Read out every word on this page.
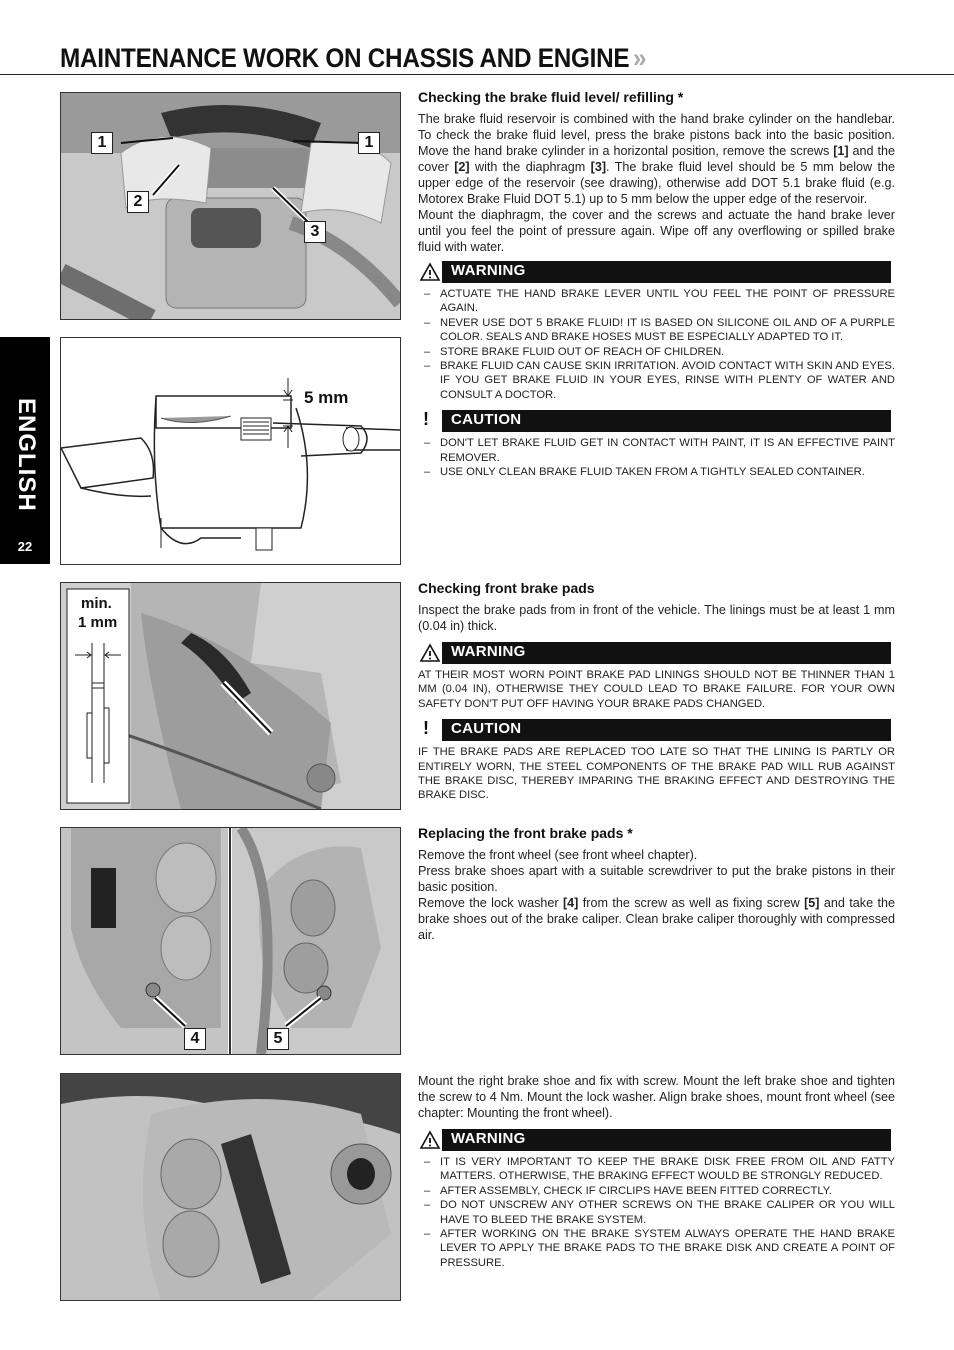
MAINTENANCE WORK ON CHASSIS AND ENGINE »
ENGLISH
22
1	1
2
3
5 mm
min.
1 mm
4	5
Checking the brake fluid level/ refilling *

The brake fluid reservoir is combined with the hand brake cylinder on the handlebar. To check the brake fluid level, press the brake pistons back into the basic position. Move the hand brake cylinder in a horizontal position, remove the screws [1] and the cover [2] with the diaphragm [3]. The brake fluid level should be 5 mm below the upper edge of the reservoir (see drawing), otherwise add DOT 5.1 brake fluid (e.g. Motorex Brake Fluid DOT 5.1) up to 5 mm below the upper edge of the reservoir.

Mount the diaphragm, the cover and the screws and actuate the hand brake lever until you feel the point of pressure again. Wipe off any overflowing or spilled brake fluid with water.

WARNING
– ACTUATE THE HAND BRAKE LEVER UNTIL YOU FEEL THE POINT OF PRESSURE AGAIN.
– NEVER USE DOT 5 BRAKE FLUID! IT IS BASED ON SILICONE OIL AND OF A PURPLE COLOR. SEALS AND BRAKE HOSES MUST BE ESPECIALLY ADAPTED TO IT.
– STORE BRAKE FLUID OUT OF REACH OF CHILDREN.
– BRAKE FLUID CAN CAUSE SKIN IRRITATION. AVOID CONTACT WITH SKIN AND EYES. IF YOU GET BRAKE FLUID IN YOUR EYES, RINSE WITH PLENTY OF WATER AND CONSULT A DOCTOR.
! CAUTION
– DON'T LET BRAKE FLUID GET IN CONTACT WITH PAINT, IT IS AN EFFECTIVE PAINT REMOVER.
– USE ONLY CLEAN BRAKE FLUID TAKEN FROM A TIGHTLY SEALED CONTAINER.
Checking front brake pads

Inspect the brake pads from in front of the vehicle. The linings must be at least 1 mm (0.04 in) thick.

WARNING

AT THEIR MOST WORN POINT BRAKE PAD LININGS SHOULD NOT BE THINNER THAN 1 MM (0.04 IN), OTHERWISE THEY COULD LEAD TO BRAKE FAILURE. FOR YOUR OWN SAFETY DON'T PUT OFF HAVING YOUR BRAKE PADS CHANGED.

! CAUTION

IF THE BRAKE PADS ARE REPLACED TOO LATE SO THAT THE LINING IS PARTLY OR ENTIRELY WORN, THE STEEL COMPONENTS OF THE BRAKE PAD WILL RUB AGAINST THE BRAKE DISC, THEREBY IMPARING THE BRAKING EFFECT AND DESTROYING THE BRAKE DISC.

Replacing the front brake pads *

Remove the front wheel (see front wheel chapter).

Press brake shoes apart with a suitable screwdriver to put the brake pistons in their basic position.

Remove the lock washer [4] from the screw as well as fixing screw [5] and take the brake shoes out of the brake caliper. Clean brake caliper thoroughly with compressed air.

Mount the right brake shoe and fix with screw. Mount the left brake shoe and tighten the screw to 4 Nm. Mount the lock washer. Align brake shoes, mount front wheel (see chapter: Mounting the front wheel).

WARNING
– IT IS VERY IMPORTANT TO KEEP THE BRAKE DISK FREE FROM OIL AND FATTY MATTERS. OTHERWISE, THE BRAKING EFFECT WOULD BE STRONGLY REDUCED.
– AFTER ASSEMBLY, CHECK IF CIRCLIPS HAVE BEEN FITTED CORRECTLY.
– DO NOT UNSCREW ANY OTHER SCREWS ON THE BRAKE CALIPER OR YOU WILL HAVE TO BLEED THE BRAKE SYSTEM.
– AFTER WORKING ON THE BRAKE SYSTEM ALWAYS OPERATE THE HAND BRAKE LEVER TO APPLY THE BRAKE PADS TO THE BRAKE DISK AND CREATE A POINT OF PRESSURE.
